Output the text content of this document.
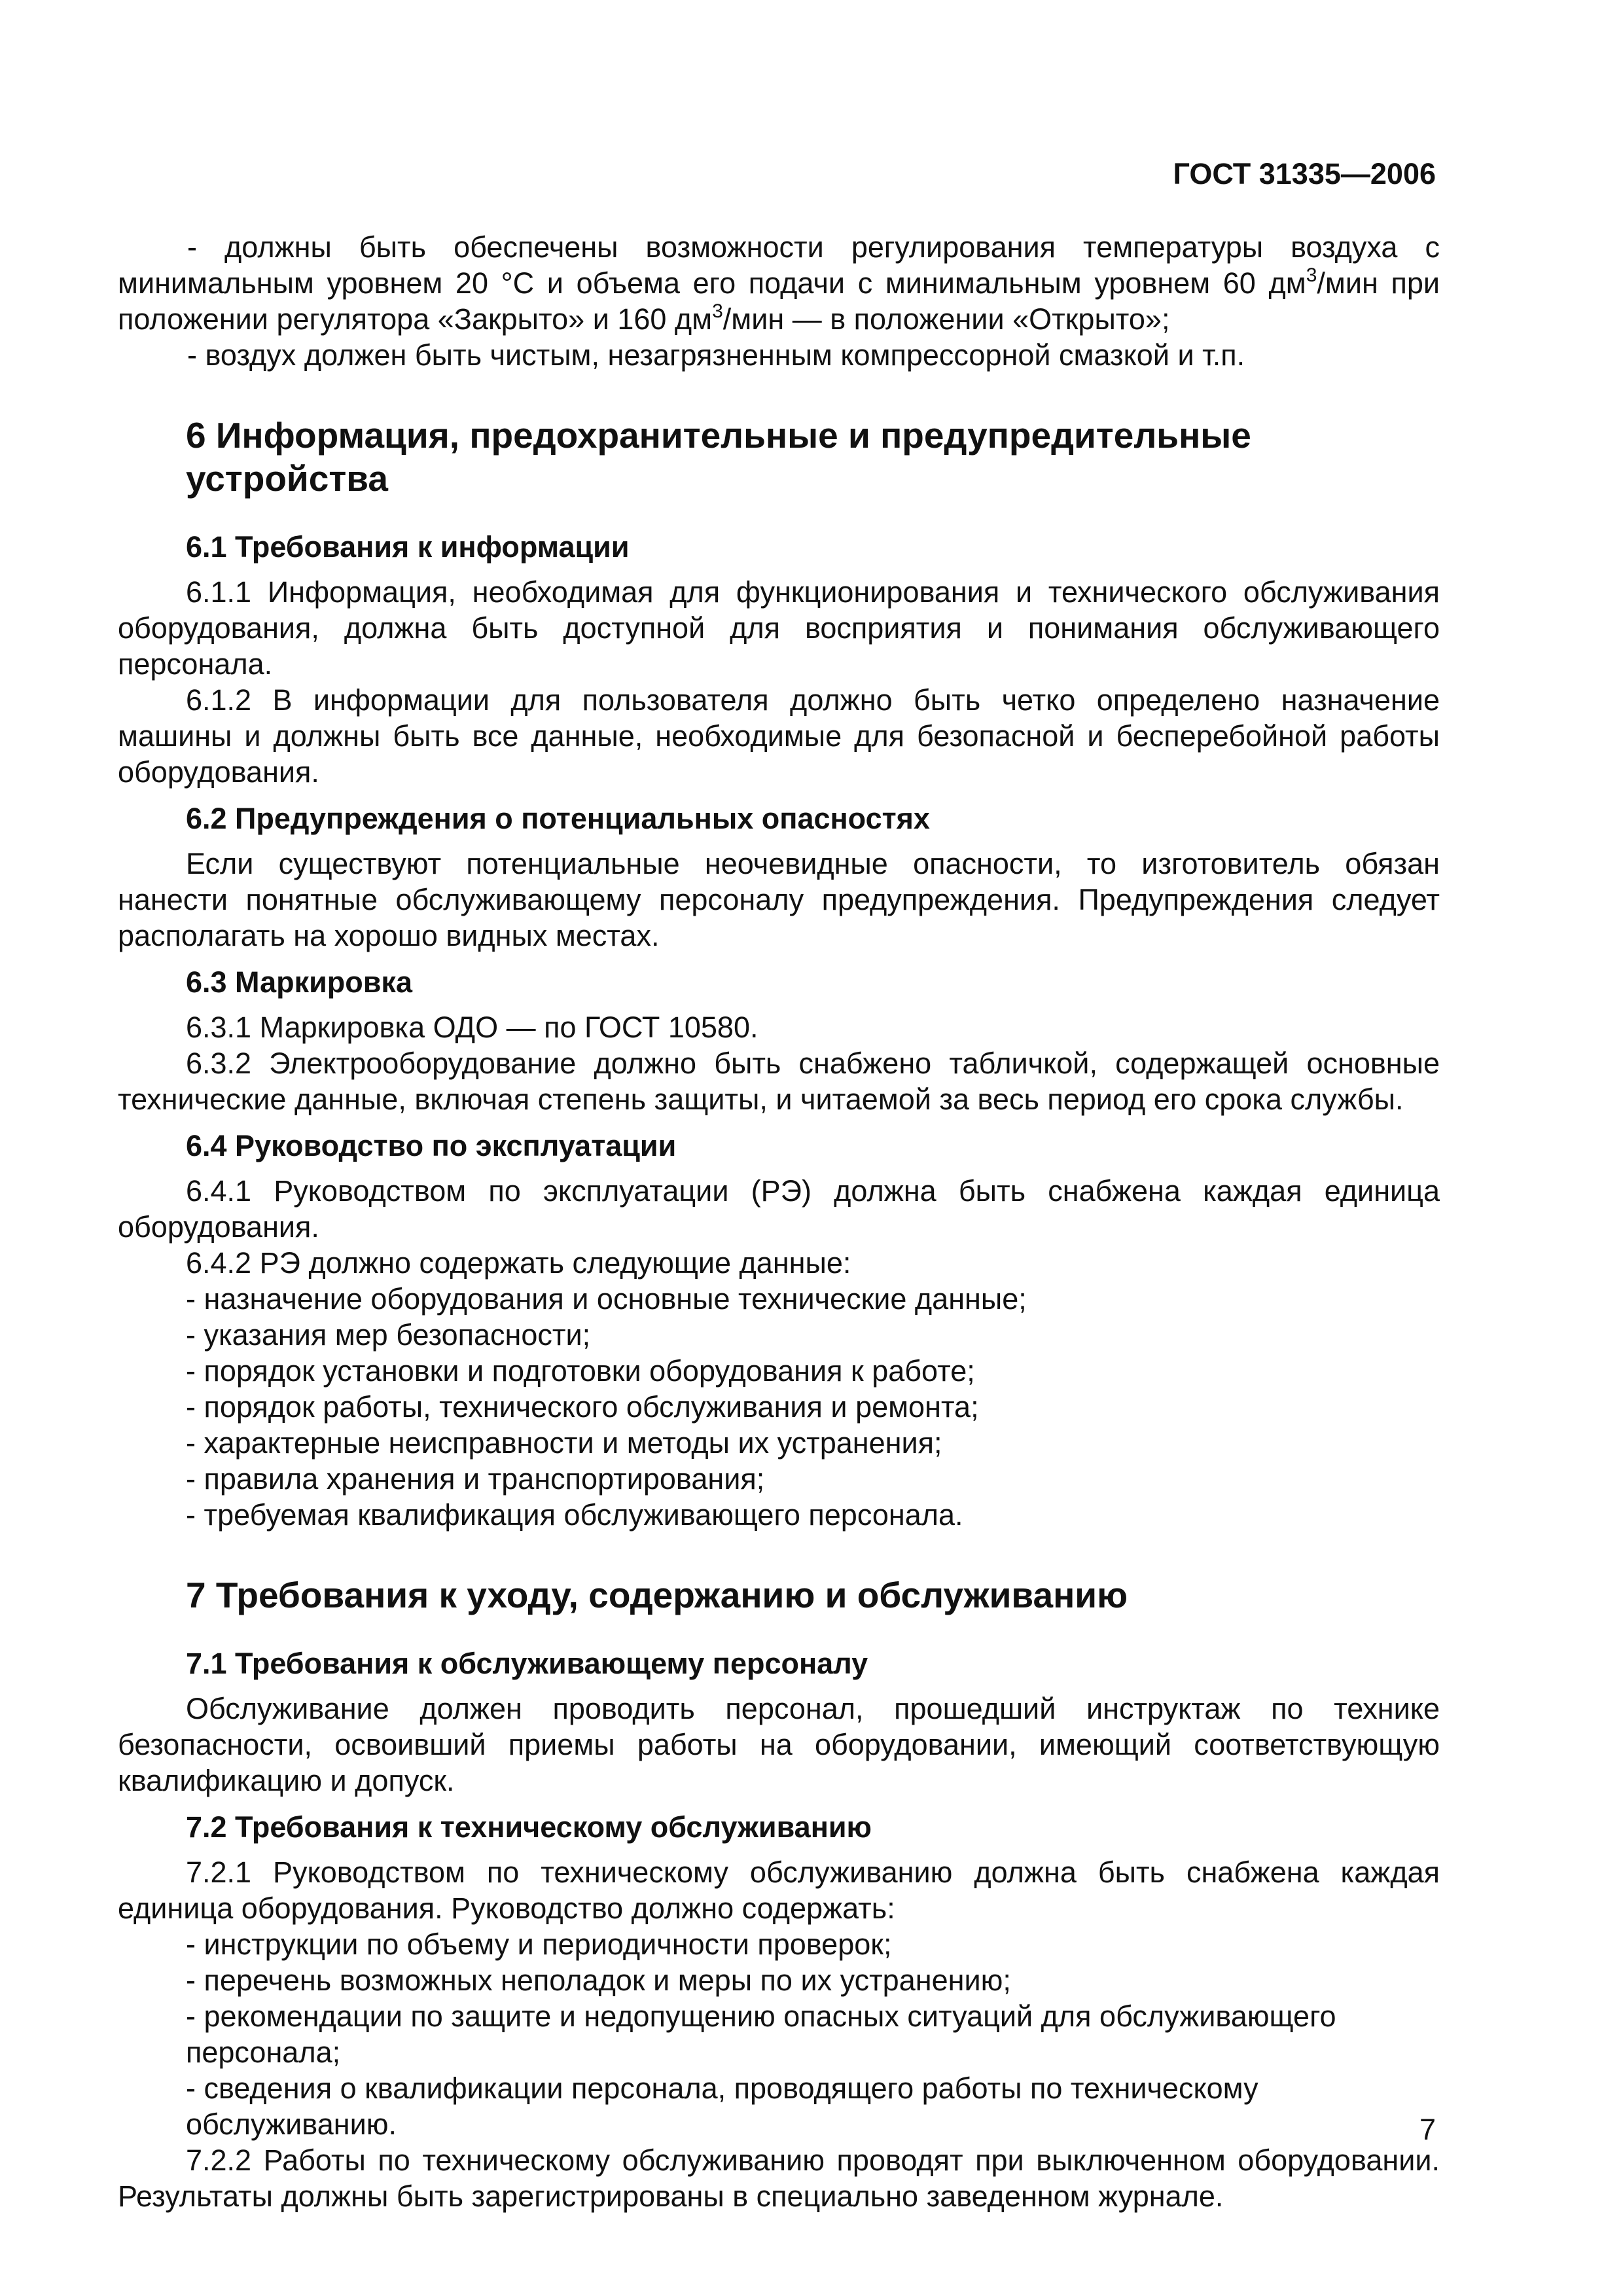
ГОСТ 31335—2006

- должны быть обеспечены возможности регулирования температуры воздуха с минимальным уровнем 20 °С и объема его подачи с минимальным уровнем 60 $дм^3$/мин при положении регулятора «Закрыто» и 160 $дм^3$/мин — в положении «Открыто»;

- воздух должен быть чистым, незагрязненным компрессорной смазкой и т.п.

6 Информация, предохранительные и предупредительные устройства
6.1 Требования к информации

6.1.1 Информация, необходимая для функционирования и технического обслуживания оборудования, должна быть доступной для восприятия и понимания обслуживающего персонала.

6.1.2 В информации для пользователя должно быть четко определено назначение машины и должны быть все данные, необходимые для безопасной и бесперебойной работы оборудования.

6.2 Предупреждения о потенциальных опасностях

Если существуют потенциальные неочевидные опасности, то изготовитель обязан нанести понятные обслуживающему персоналу предупреждения. Предупреждения следует располагать на хорошо видных местах.

6.3 Маркировка

6.3.1 Маркировка ОДО — по ГОСТ 10580.

6.3.2 Электрооборудование должно быть снабжено табличкой, содержащей основные технические данные, включая степень защиты, и читаемой за весь период его срока службы.

6.4 Руководство по эксплуатации

6.4.1 Руководством по эксплуатации (РЭ) должна быть снабжена каждая единица оборудования.

6.4.2 РЭ должно содержать следующие данные:

- назначение оборудования и основные технические данные;

- указания мер безопасности;

- порядок установки и подготовки оборудования к работе;

- порядок работы, технического обслуживания и ремонта;

- характерные неисправности и методы их устранения;

- правила хранения и транспортирования;

- требуемая квалификация обслуживающего персонала.

7 Требования к уходу, содержанию и обслуживанию
7.1 Требования к обслуживающему персоналу

Обслуживание должен проводить персонал, прошедший инструктаж по технике безопасности, освоивший приемы работы на оборудовании, имеющий соответствующую квалификацию и допуск.

7.2 Требования к техническому обслуживанию

7.2.1 Руководством по техническому обслуживанию должна быть снабжена каждая единица оборудования. Руководство должно содержать:

- инструкции по объему и периодичности проверок;

- перечень возможных неполадок и меры по их устранению;

- рекомендации по защите и недопущению опасных ситуаций для обслуживающего персонала;

- сведения о квалификации персонала, проводящего работы по техническому обслуживанию.

7.2.2 Работы по техническому обслуживанию проводят при выключенном оборудовании. Результаты должны быть зарегистрированы в специально заведенном журнале.

7
